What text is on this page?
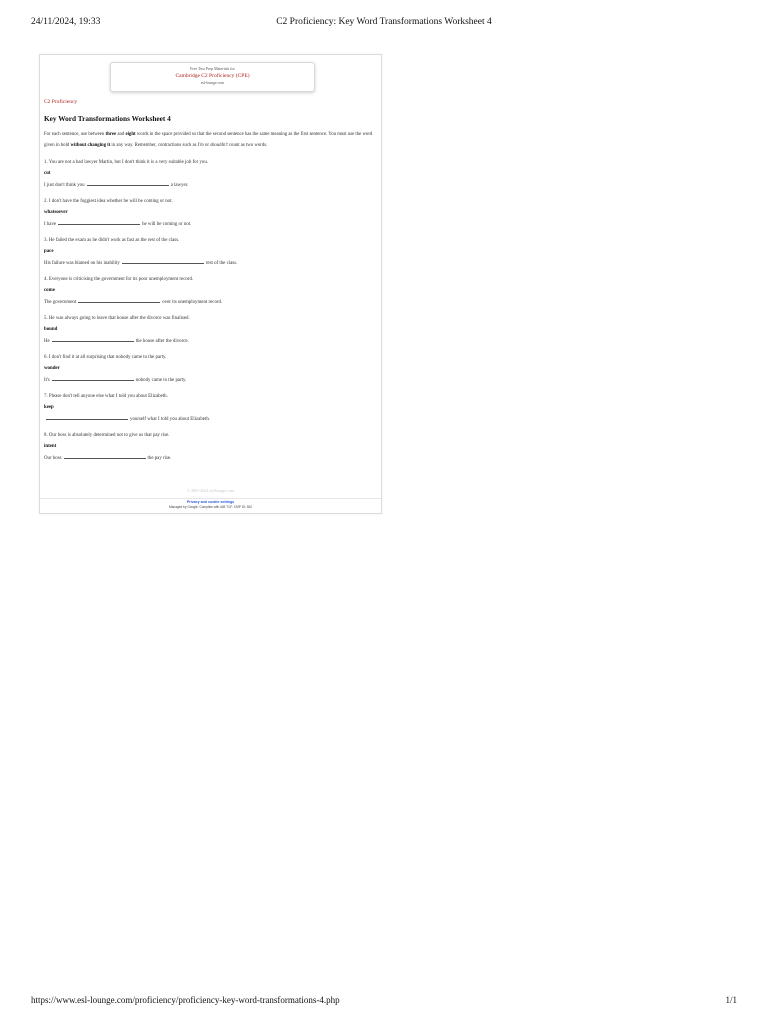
24/11/2024, 19:33	C2 Proficiency: Key Word Transformations Worksheet 4
Free Test Prep Materials for
Cambridge C2 Proficiency (CPE)
esl-lounge.com

C2 Proficiency

Key Word Transformations Worksheet 4

For each sentence, use between three and eight words in the space provided so that the second sentence has the same meaning as the first sentence. You must use the word given in bold without changing it in any way. Remember, contractions such as I'm or shouldn't count as two words.

1. You are not a bad lawyer Martin, but I don't think it is a very suitable job for you.
cut
I just don't think you	a lawyer.
2. I don't have the foggiest idea whether he will be coming or not.
whatsoever
I have	he will be coming or not.
3. He failed the exam as he didn't work as fast as the rest of the class.
pace
His failure was blamed on his inability	rest of the class.
4. Everyone is criticising the government for its poor unemployment record.
come
The government	over its unemployment record.
5. He was always going to leave that house after the divorce was finalised.
bound
He	the house after the divorce.
6. I don't find it at all surprising that nobody came to the party.
wonder
It's	nobody came to the party.
7. Please don't tell anyone else what I told you about Elizabeth.
keep
yourself what I told you about Elizabeth.
8. Our boss is absolutely determined not to give us that pay rise.
intent
Our boss	the pay rise.
© 2001-2024 esl-lounge.com
Privacy and cookie settings
Managed by Google. Complies with IAB TCF. CMP ID: 300
https://www.esl-lounge.com/proficiency/proficiency-key-word-transformations-4.php	1/1
